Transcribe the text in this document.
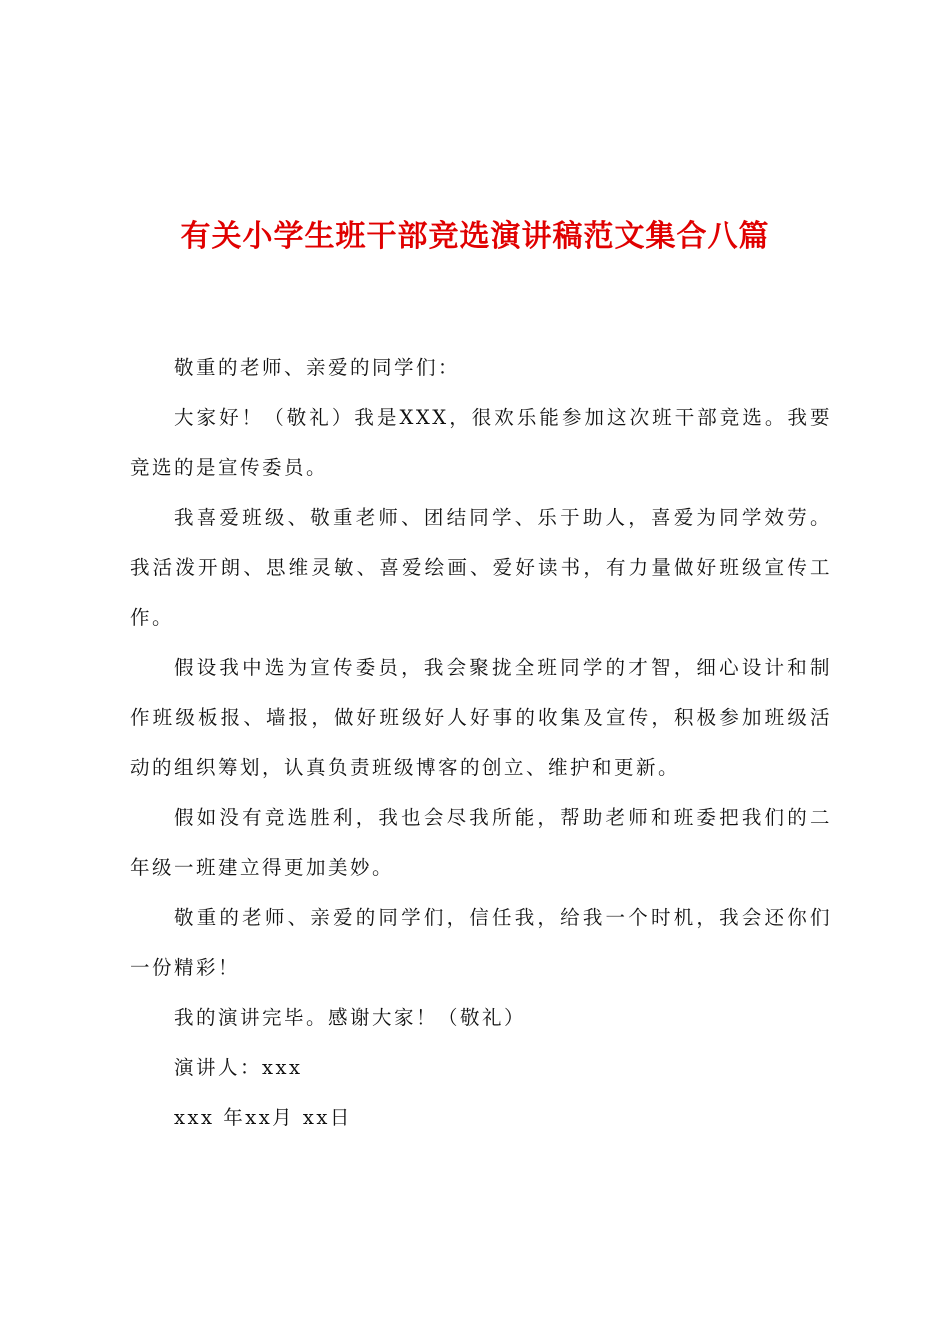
有关小学生班干部竞选演讲稿范文集合八篇

敬重的老师、亲爱的同学们：

大家好！（敬礼）我是XXX，很欢乐能参加这次班干部竞选。我要竞选的是宣传委员。

我喜爱班级、敬重老师、团结同学、乐于助人，喜爱为同学效劳。我活泼开朗、思维灵敏、喜爱绘画、爱好读书，有力量做好班级宣传工作。

假设我中选为宣传委员，我会聚拢全班同学的才智，细心设计和制作班级板报、墙报，做好班级好人好事的收集及宣传，积极参加班级活动的组织筹划，认真负责班级博客的创立、维护和更新。

假如没有竞选胜利，我也会尽我所能，帮助老师和班委把我们的二年级一班建立得更加美妙。

敬重的老师、亲爱的同学们，信任我，给我一个时机，我会还你们一份精彩！

我的演讲完毕。感谢大家！（敬礼）

演讲人：xxx

xxx 年xx月 xx日
